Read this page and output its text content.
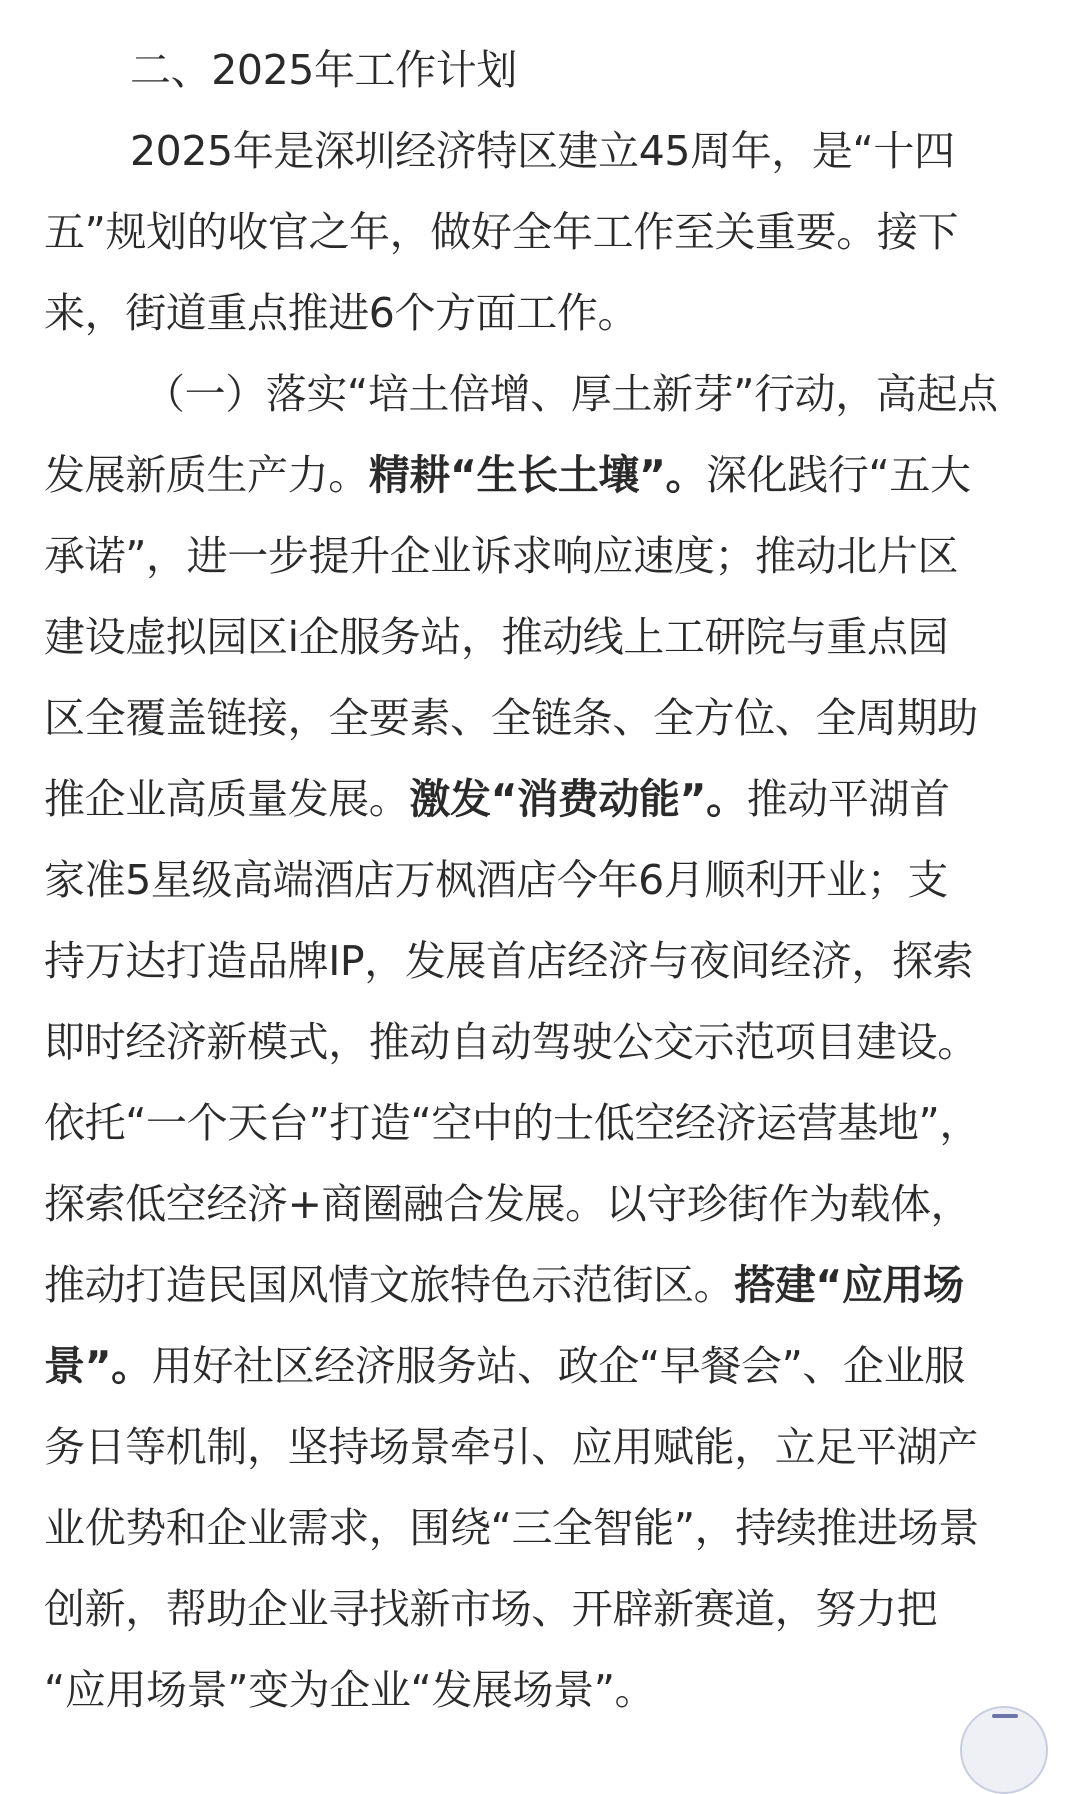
二、2025年工作计划
2025年是深圳经济特区建立45周年，是“十四
五”规划的收官之年，做好全年工作至关重要。接下
来，街道重点推进6个方面工作。
（一）落实“培土倍增、厚土新芽”行动，高起点
发展新质生产力。精耕“生长土壤”。深化践行“五大
承诺”，进一步提升企业诉求响应速度；推动北片区
建设虚拟园区i企服务站，推动线上工研院与重点园
区全覆盖链接，全要素、全链条、全方位、全周期助
推企业高质量发展。激发“消费动能”。推动平湖首
家准5星级高端酒店万枫酒店今年6月顺利开业；支
持万达打造品牌IP，发展首店经济与夜间经济，探索
即时经济新模式，推动自动驾驶公交示范项目建设。
依托“一个天台”打造“空中的士低空经济运营基地”，
探索低空经济+商圈融合发展。以守珍街作为载体，
推动打造民国风情文旅特色示范街区。搭建“应用场
景”。用好社区经济服务站、政企“早餐会”、企业服
务日等机制，坚持场景牵引、应用赋能，立足平湖产
业优势和企业需求，围绕“三全智能”，持续推进场景
创新，帮助企业寻找新市场、开辟新赛道，努力把
“应用场景”变为企业“发展场景”。
